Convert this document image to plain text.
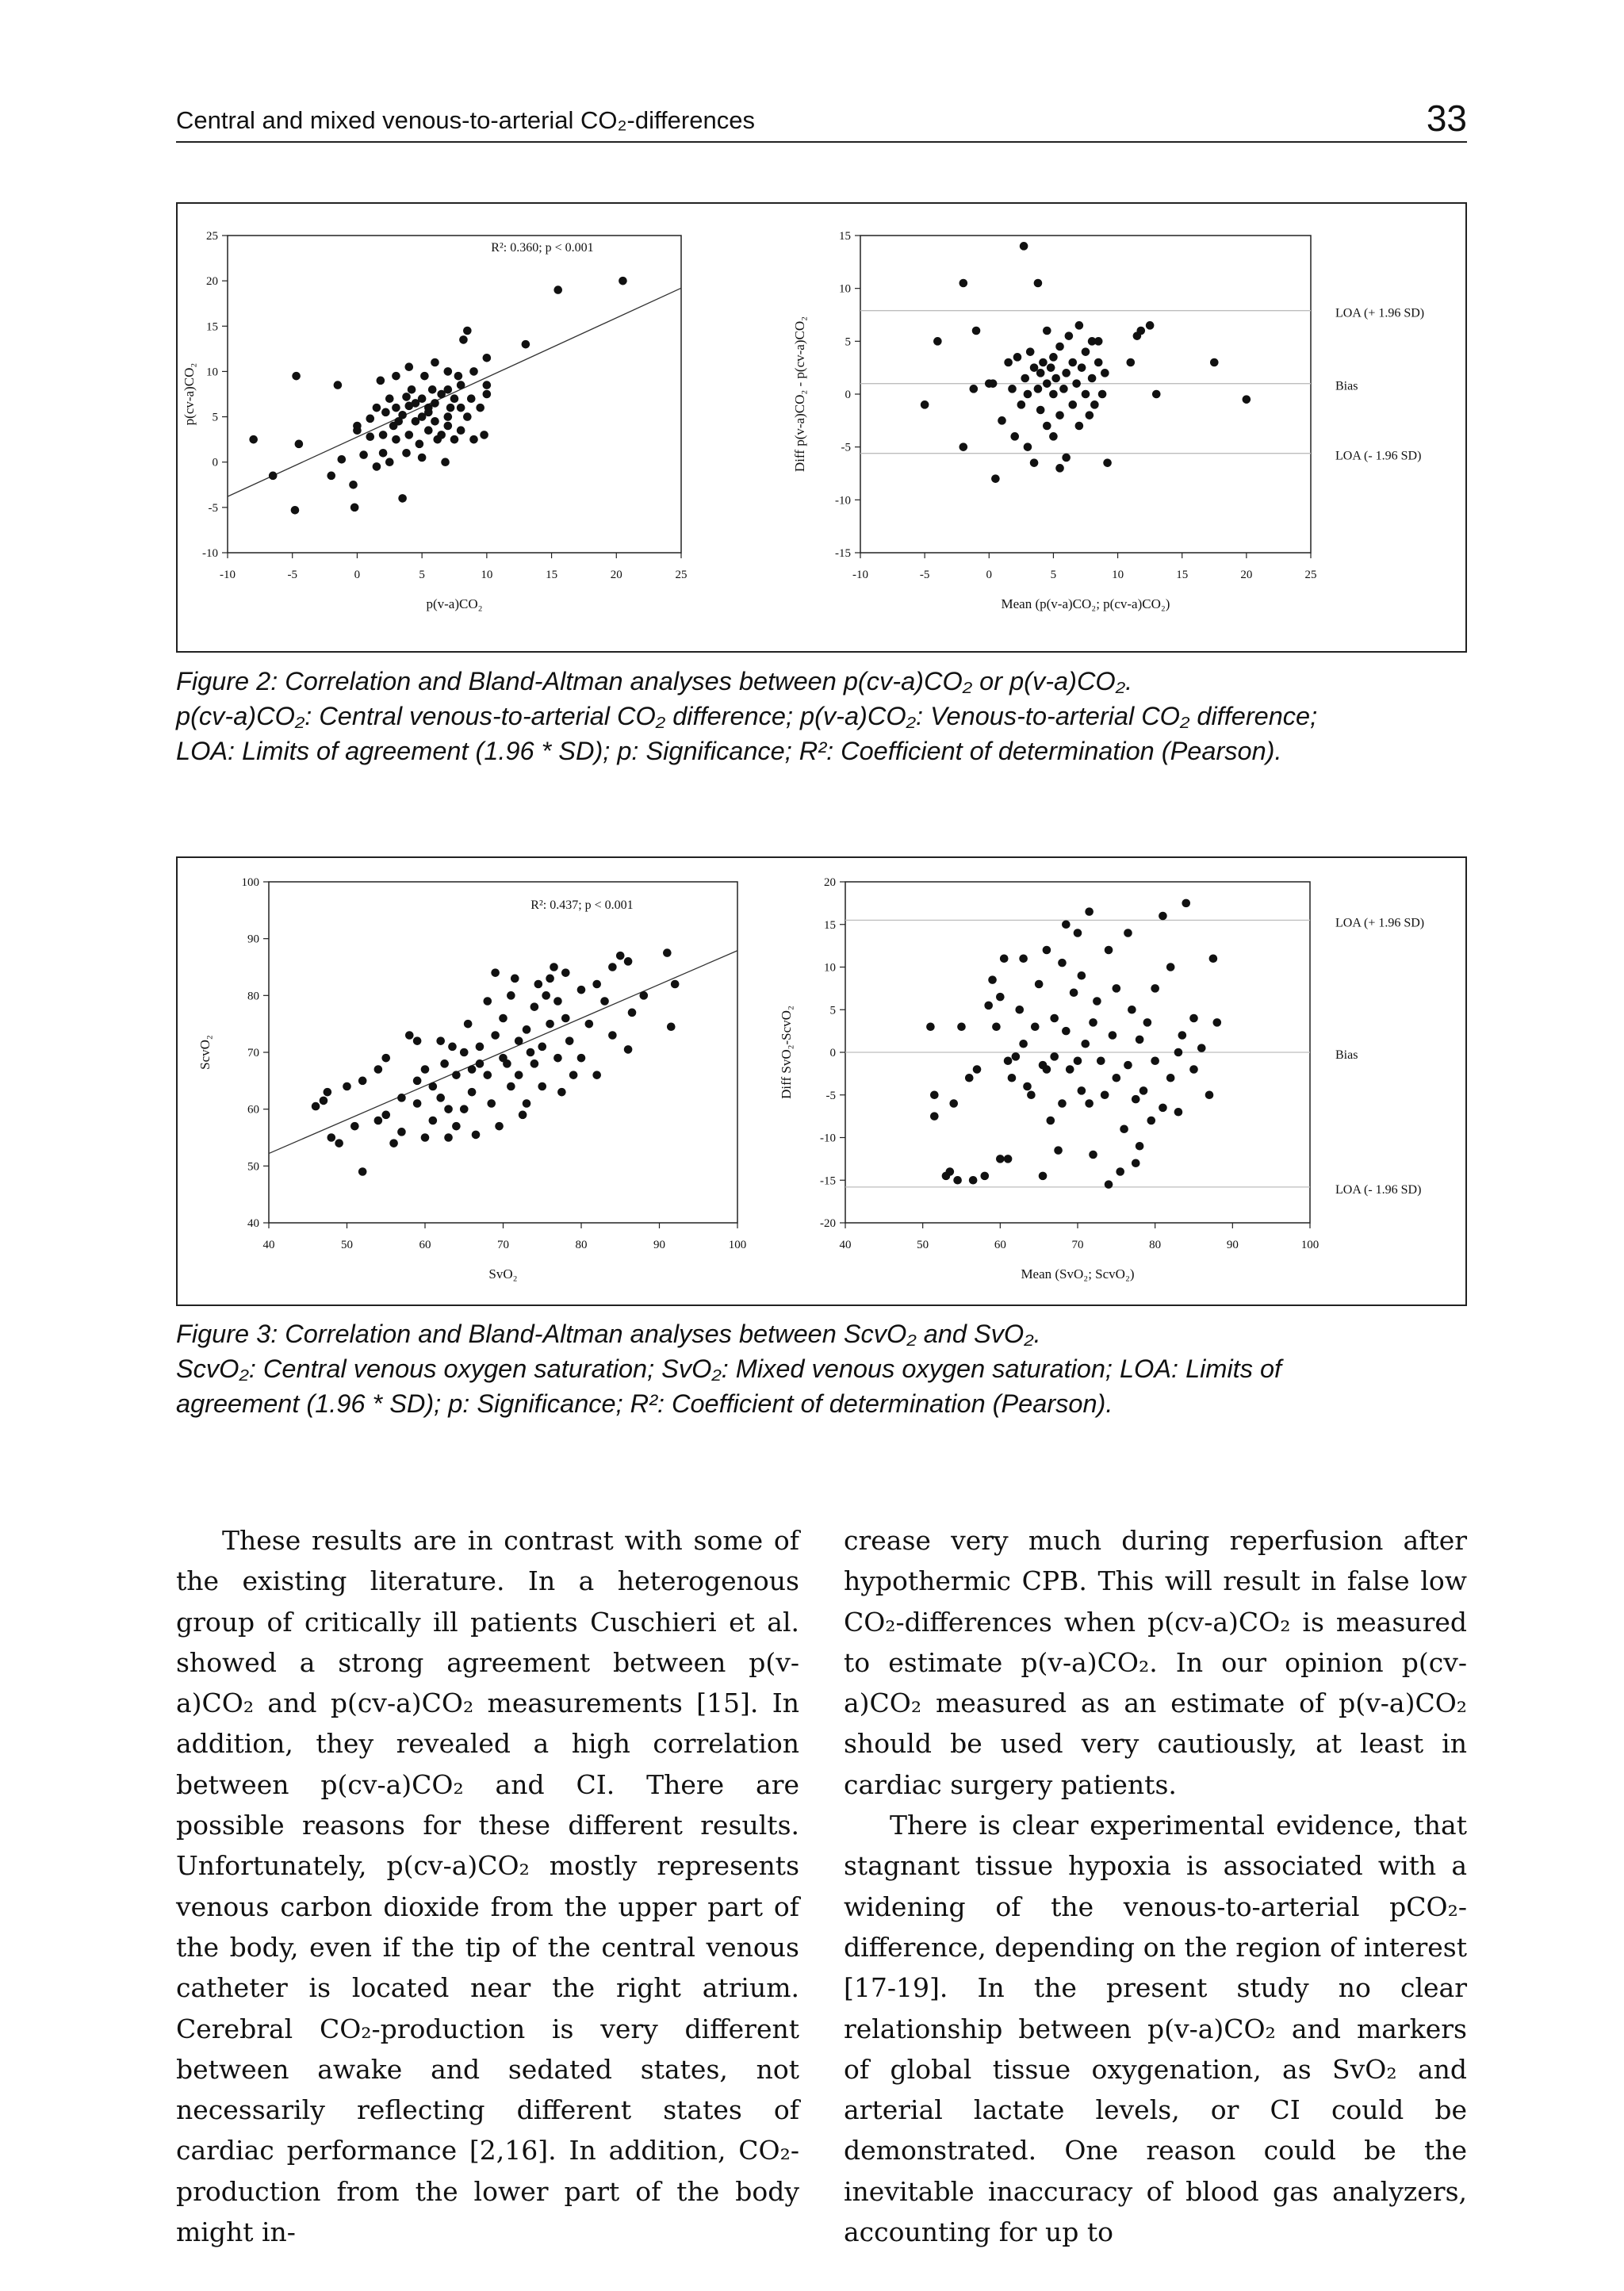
Central and mixed venous-to-arterial CO₂-differences	33
-10	-5	0	5	10	15	20	25
-10
-5
0
5
10
15
20
25
p(v-a)CO₂
p(cv-a)CO₂
R²: 0.360; p < 0.001
-10	-5	0	5	10	15	20	25
-15
-10
-5
0
5
10
15
Mean (p(v-a)CO₂; p(cv-a)CO₂)
Diff p(v-a)CO₂ - p(cv-a)CO₂
LOA (+ 1.96 SD)
Bias
LOA (- 1.96 SD)

Figure 2: Correlation and Bland-Altman analyses between p(cv-a)CO₂ or p(v-a)CO₂.

p(cv-a)CO₂: Central venous-to-arterial CO₂ difference; p(v-a)CO₂: Venous-to-arterial CO₂ difference;

LOA: Limits of agreement (1.96 * SD); p: Significance; R²: Coefficient of determination (Pearson).

40	50	60	70	80	90	100
40
50
60
70
80
90
100
SvO₂
ScvO₂
R²: 0.437; p < 0.001
40	50	60	70	80	90	100
-20
-15
-10
-5
0
5
10
15
20
Mean (SvO₂; ScvO₂)
Diff SvO₂-ScvO₂
LOA (+ 1.96 SD)
Bias
LOA (- 1.96 SD)

Figure 3: Correlation and Bland-Altman analyses between ScvO₂ and SvO₂.

ScvO₂: Central venous oxygen saturation; SvO₂: Mixed venous oxygen saturation; LOA: Limits of

agreement (1.96 * SD); p: Significance; R²: Coefficient of determination (Pearson).

These results are in contrast with some of the existing literature. In a heterogenous group of critically ill patients Cuschieri et al. showed a strong agreement between p(v-a)CO₂ and p(cv-a)CO₂ measurements [15]. In addition, they revealed a high correlation between p(cv-a)CO₂ and CI. There are possible reasons for these different results. Unfortunately, p(cv-a)CO₂ mostly represents venous carbon dioxide from the upper part of the body, even if the tip of the central venous catheter is located near the right atrium. Cerebral CO₂-production is very different between awake and sedated states, not necessarily reflecting different states of cardiac performance [2,16]. In addition, CO₂-production from the lower part of the body might in-

crease very much during reperfusion after hypothermic CPB. This will result in false low CO₂-differences when p(cv-a)CO₂ is measured to estimate p(v-a)CO₂. In our opinion p(cv-a)CO₂ measured as an estimate of p(v-a)CO₂ should be used very cautiously, at least in cardiac surgery patients.

There is clear experimental evidence, that stagnant tissue hypoxia is associated with a widening of the venous-to-arterial pCO₂-difference, depending on the region of interest [17-19]. In the present study no clear relationship between p(v-a)CO₂ and markers of global tissue oxygenation, as SvO₂ and arterial lactate levels, or CI could be demonstrated. One reason could be the inevitable inaccuracy of blood gas analyzers, accounting for up to
